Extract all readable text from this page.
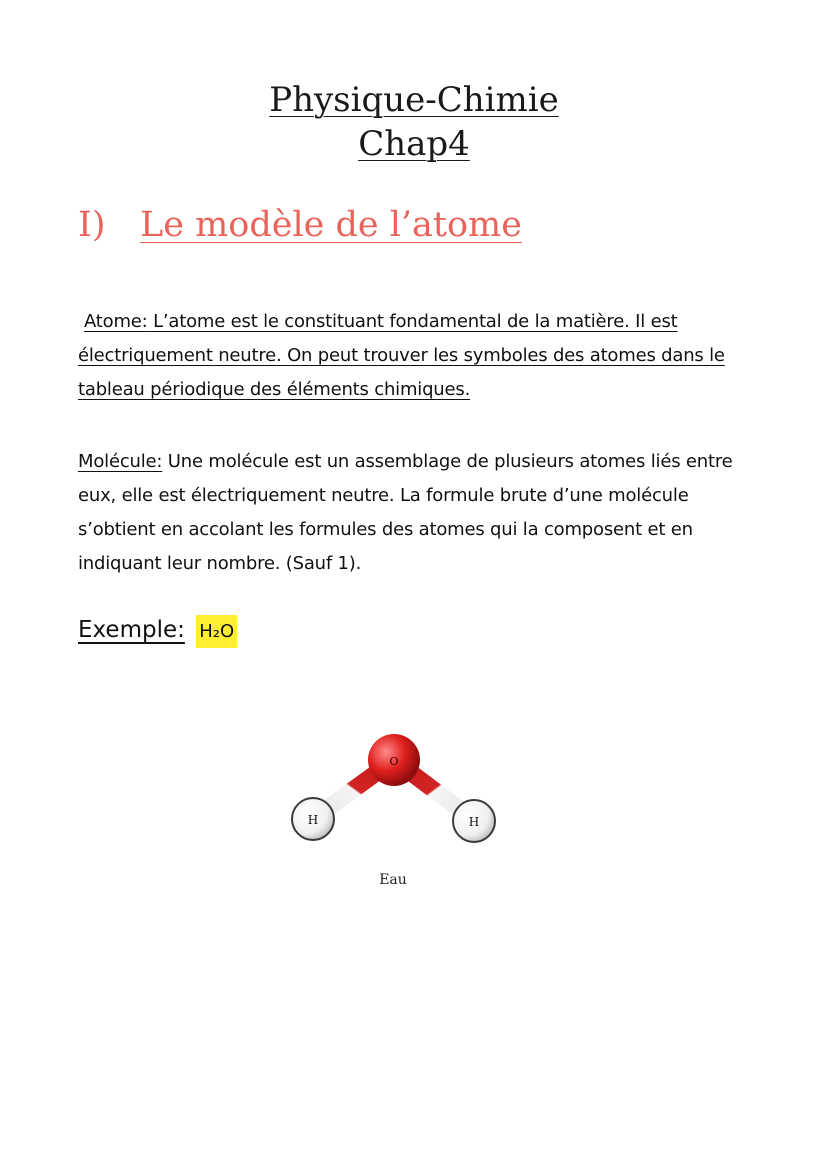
Physique-Chimie
Chap4
I) Le modèle de l’atome
Atome: L’atome est le constituant fondamental de la matière. Il est électriquement neutre. On peut trouver les symboles des atomes dans le tableau périodique des éléments chimiques.
Molécule: Une molécule est un assemblage de plusieurs atomes liés entre eux, elle est électriquement neutre. La formule brute d’une molécule s’obtient en accolant les formules des atomes qui la composent et en indiquant leur nombre. (Sauf 1).
Exemple: H₂O
O
H	H
Eau
